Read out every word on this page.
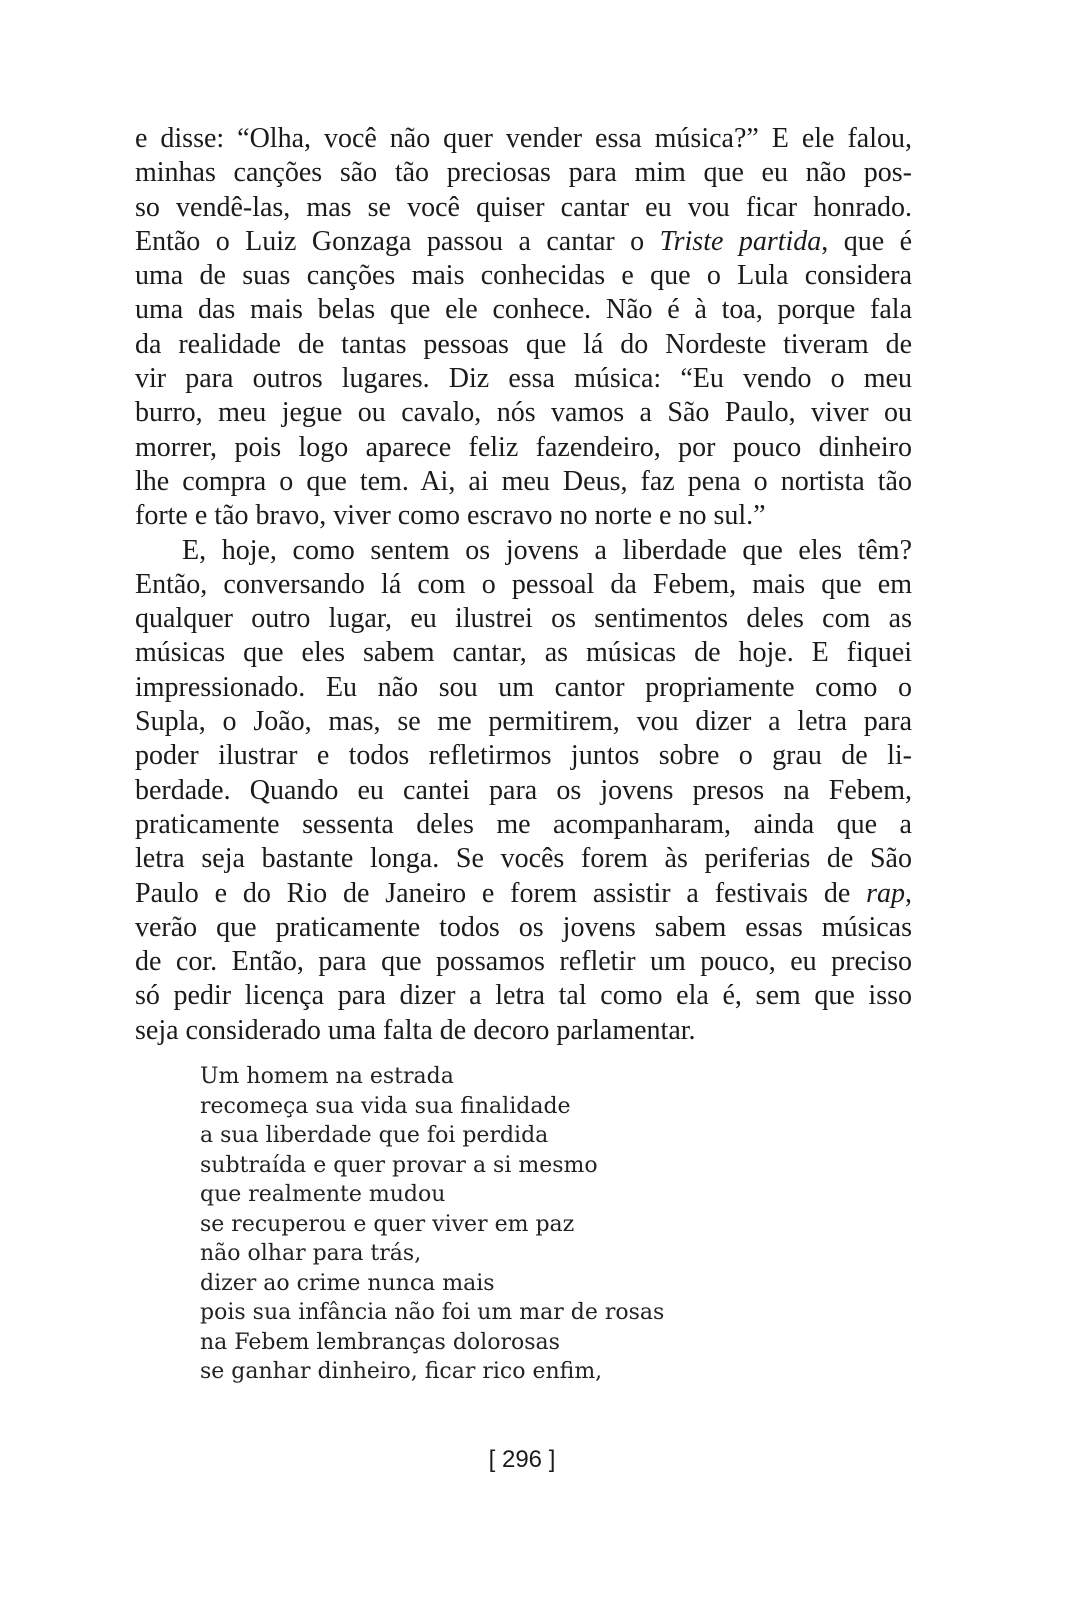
e disse: “Olha, você não quer vender essa música?” E ele falou,
minhas canções são tão preciosas para mim que eu não pos-
so vendê-las, mas se você quiser cantar eu vou ficar honrado.
Então o Luiz Gonzaga passou a cantar o Triste partida, que é
uma de suas canções mais conhecidas e que o Lula considera
uma das mais belas que ele conhece. Não é à toa, porque fala
da realidade de tantas pessoas que lá do Nordeste tiveram de
vir para outros lugares. Diz essa música: “Eu vendo o meu
burro, meu jegue ou cavalo, nós vamos a São Paulo, viver ou
morrer, pois logo aparece feliz fazendeiro, por pouco dinheiro
lhe compra o que tem. Ai, ai meu Deus, faz pena o nortista tão
forte e tão bravo, viver como escravo no norte e no sul.”
E, hoje, como sentem os jovens a liberdade que eles têm?
Então, conversando lá com o pessoal da Febem, mais que em
qualquer outro lugar, eu ilustrei os sentimentos deles com as
músicas que eles sabem cantar, as músicas de hoje. E fiquei
impressionado. Eu não sou um cantor propriamente como o
Supla, o João, mas, se me permitirem, vou dizer a letra para
poder ilustrar e todos refletirmos juntos sobre o grau de li-
berdade. Quando eu cantei para os jovens presos na Febem,
praticamente sessenta deles me acompanharam, ainda que a
letra seja bastante longa. Se vocês forem às periferias de São
Paulo e do Rio de Janeiro e forem assistir a festivais de rap,
verão que praticamente todos os jovens sabem essas músicas
de cor. Então, para que possamos refletir um pouco, eu preciso
só pedir licença para dizer a letra tal como ela é, sem que isso
seja considerado uma falta de decoro parlamentar.
Um homem na estrada
recomeça sua vida sua finalidade
a sua liberdade que foi perdida
subtraída e quer provar a si mesmo
que realmente mudou
se recuperou e quer viver em paz
não olhar para trás,
dizer ao crime nunca mais
pois sua infância não foi um mar de rosas
na Febem lembranças dolorosas
se ganhar dinheiro, ficar rico enfim,
[ 296 ]
